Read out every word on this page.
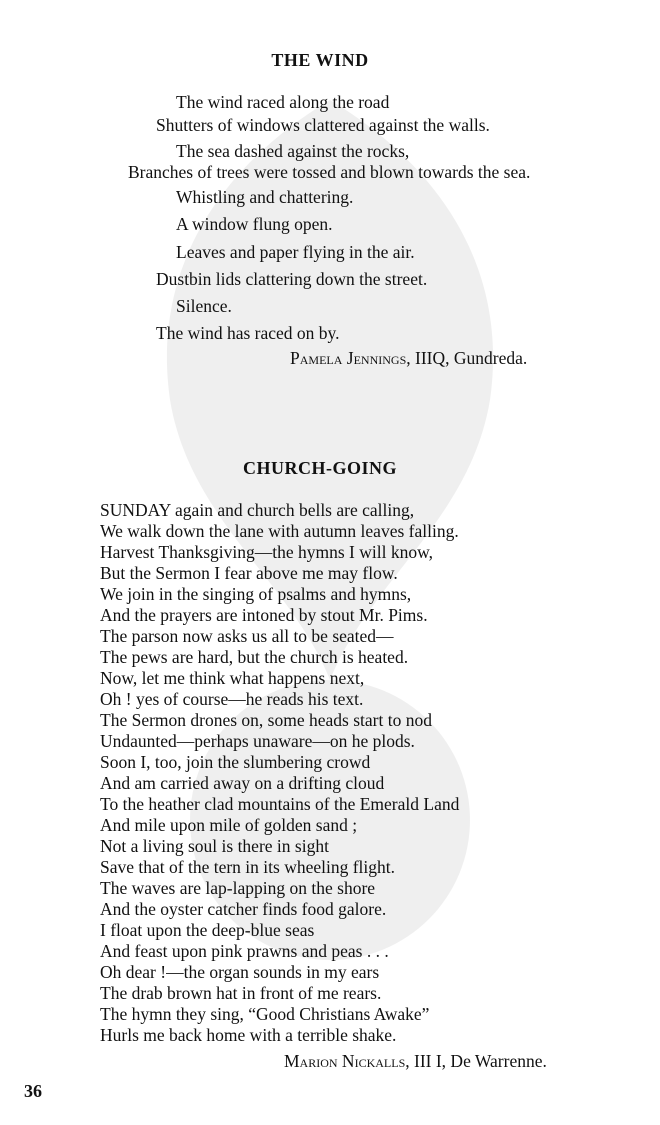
THE WIND
The wind raced along the road
Shutters of windows clattered against the walls.
The sea dashed against the rocks,
Branches of trees were tossed and blown towards the sea.
Whistling and chattering.
A window flung open.
Leaves and paper flying in the air.
Dustbin lids clattering down the street.
Silence.
The wind has raced on by.
Pamela Jennings, IIIQ, Gundreda.
CHURCH-GOING
SUNDAY again and church bells are calling,
We walk down the lane with autumn leaves falling.
Harvest Thanksgiving—the hymns I will know,
But the Sermon I fear above me may flow.
We join in the singing of psalms and hymns,
And the prayers are intoned by stout Mr. Pims.
The parson now asks us all to be seated—
The pews are hard, but the church is heated.
Now, let me think what happens next,
Oh ! yes of course—he reads his text.
The Sermon drones on, some heads start to nod
Undaunted—perhaps unaware—on he plods.
Soon I, too, join the slumbering crowd
And am carried away on a drifting cloud
To the heather clad mountains of the Emerald Land
And mile upon mile of golden sand ;
Not a living soul is there in sight
Save that of the tern in its wheeling flight.
The waves are lap-lapping on the shore
And the oyster catcher finds food galore.
I float upon the deep-blue seas
And feast upon pink prawns and peas . . .
Oh dear !—the organ sounds in my ears
The drab brown hat in front of me rears.
The hymn they sing, “Good Christians Awake”
Hurls me back home with a terrible shake.
Marion Nickalls, III I, De Warrenne.

36
